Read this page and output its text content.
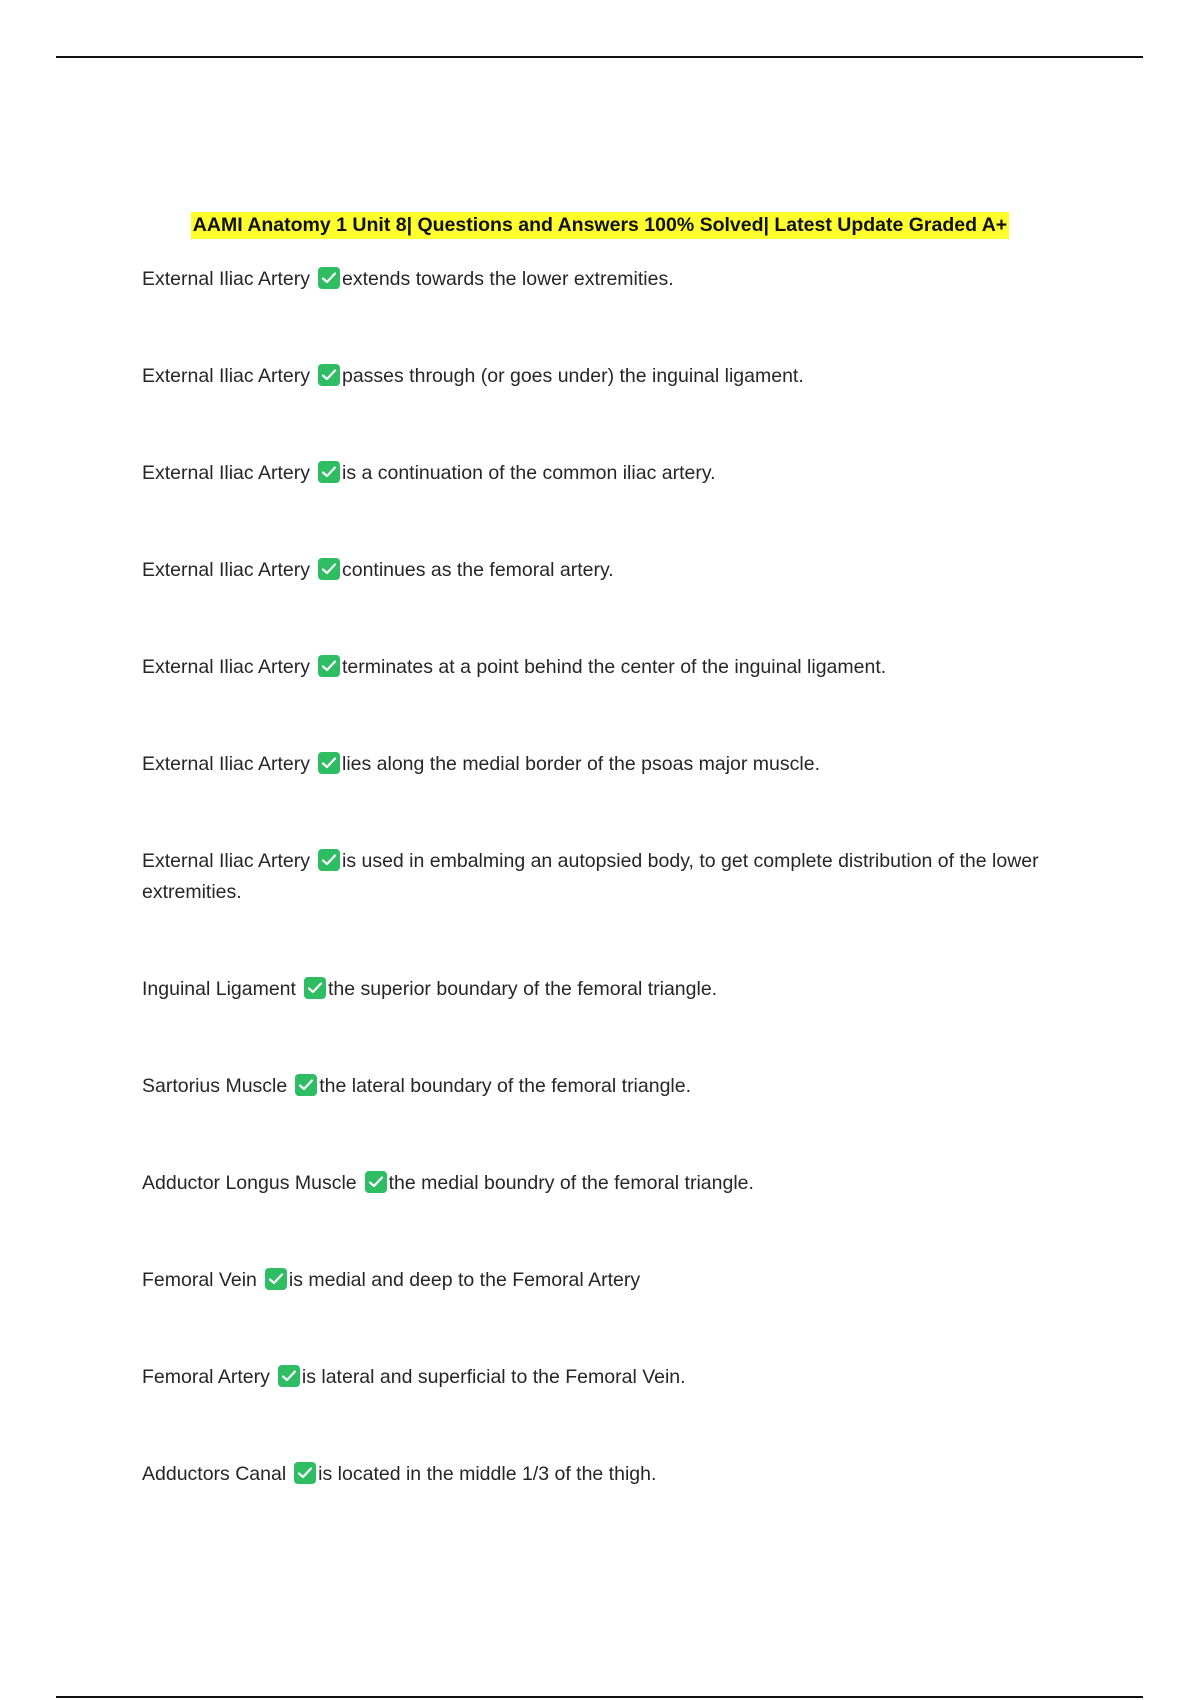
AAMI Anatomy 1 Unit 8| Questions and Answers 100% Solved| Latest Update Graded A+
External Iliac Artery extends towards the lower extremities.
External Iliac Artery passes through (or goes under) the inguinal ligament.
External Iliac Artery is a continuation of the common iliac artery.
External Iliac Artery continues as the femoral artery.
External Iliac Artery terminates at a point behind the center of the inguinal ligament.
External Iliac Artery lies along the medial border of the psoas major muscle.
External Iliac Artery is used in embalming an autopsied body, to get complete distribution of the lower extremities.
Inguinal Ligament the superior boundary of the femoral triangle.
Sartorius Muscle the lateral boundary of the femoral triangle.
Adductor Longus Muscle the medial boundry of the femoral triangle.
Femoral Vein is medial and deep to the Femoral Artery
Femoral Artery is lateral and superficial to the Femoral Vein.
Adductors Canal is located in the middle 1/3 of the thigh.
